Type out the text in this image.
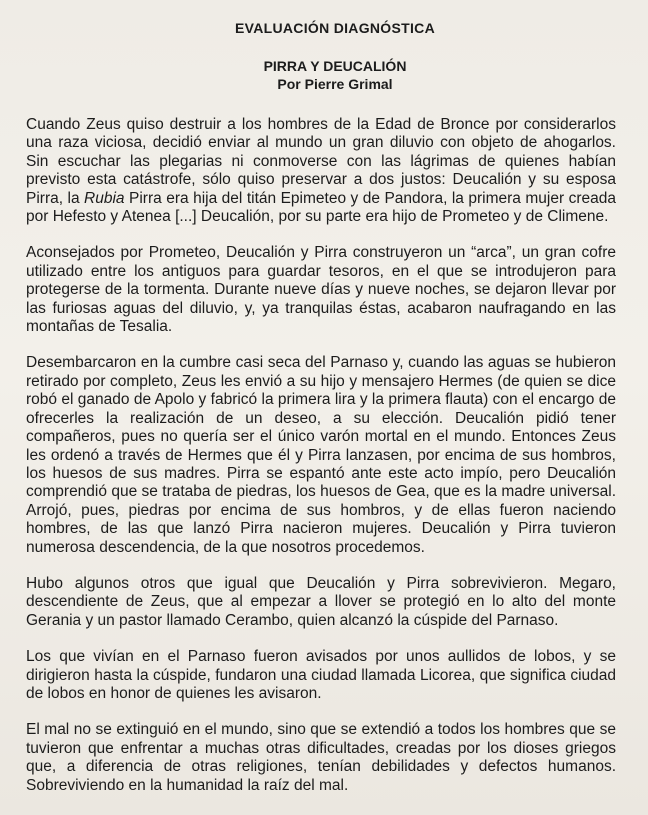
EVALUACIÓN DIAGNÓSTICA
PIRRA Y DEUCALIÓN
Por Pierre Grimal

Cuando Zeus quiso destruir a los hombres de la Edad de Bronce por considerarlos una raza viciosa, decidió enviar al mundo un gran diluvio con objeto de ahogarlos. Sin escuchar las plegarias ni conmoverse con las lágrimas de quienes habían previsto esta catástrofe, sólo quiso preservar a dos justos: Deucalión y su esposa Pirra, la Rubia Pirra era hija del titán Epimeteo y de Pandora, la primera mujer creada por Hefesto y Atenea [...] Deucalión, por su parte era hijo de Prometeo y de Climene.

Aconsejados por Prometeo, Deucalión y Pirra construyeron un “arca”, un gran cofre utilizado entre los antiguos para guardar tesoros, en el que se introdujeron para protegerse de la tormenta. Durante nueve días y nueve noches, se dejaron llevar por las furiosas aguas del diluvio, y, ya tranquilas éstas, acabaron naufragando en las montañas de Tesalia.

Desembarcaron en la cumbre casi seca del Parnaso y, cuando las aguas se hubieron retirado por completo, Zeus les envió a su hijo y mensajero Hermes (de quien se dice robó el ganado de Apolo y fabricó la primera lira y la primera flauta) con el encargo de ofrecerles la realización de un deseo, a su elección. Deucalión pidió tener compañeros, pues no quería ser el único varón mortal en el mundo. Entonces Zeus les ordenó a través de Hermes que él y Pirra lanzasen, por encima de sus hombros, los huesos de sus madres. Pirra se espantó ante este acto impío, pero Deucalión comprendió que se trataba de piedras, los huesos de Gea, que es la madre universal. Arrojó, pues, piedras por encima de sus hombros, y de ellas fueron naciendo hombres, de las que lanzó Pirra nacieron mujeres. Deucalión y Pirra tuvieron numerosa descendencia, de la que nosotros procedemos.

Hubo algunos otros que igual que Deucalión y Pirra sobrevivieron. Megaro, descendiente de Zeus, que al empezar a llover se protegió en lo alto del monte Gerania y un pastor llamado Cerambo, quien alcanzó la cúspide del Parnaso.

Los que vivían en el Parnaso fueron avisados por unos aullidos de lobos, y se dirigieron hasta la cúspide, fundaron una ciudad llamada Licorea, que significa ciudad de lobos en honor de quienes les avisaron.

El mal no se extinguió en el mundo, sino que se extendió a todos los hombres que se tuvieron que enfrentar a muchas otras dificultades, creadas por los dioses griegos que, a diferencia de otras religiones, tenían debilidades y defectos humanos. Sobreviviendo en la humanidad la raíz del mal.
